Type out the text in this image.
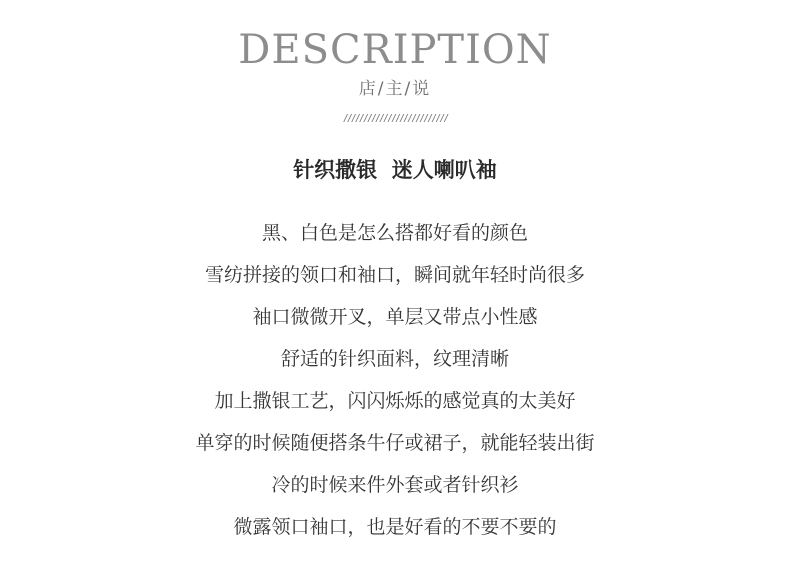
DESCRIPTION
店/主/说
//////////////////////////
针织撒银  迷人喇叭袖
黑、白色是怎么搭都好看的颜色
雪纺拼接的领口和袖口，瞬间就年轻时尚很多
袖口微微开叉，单层又带点小性感
舒适的针织面料，纹理清晰
加上撒银工艺，闪闪烁烁的感觉真的太美好
单穿的时候随便搭条牛仔或裙子，就能轻装出街
冷的时候来件外套或者针织衫
微露领口袖口，也是好看的不要不要的
